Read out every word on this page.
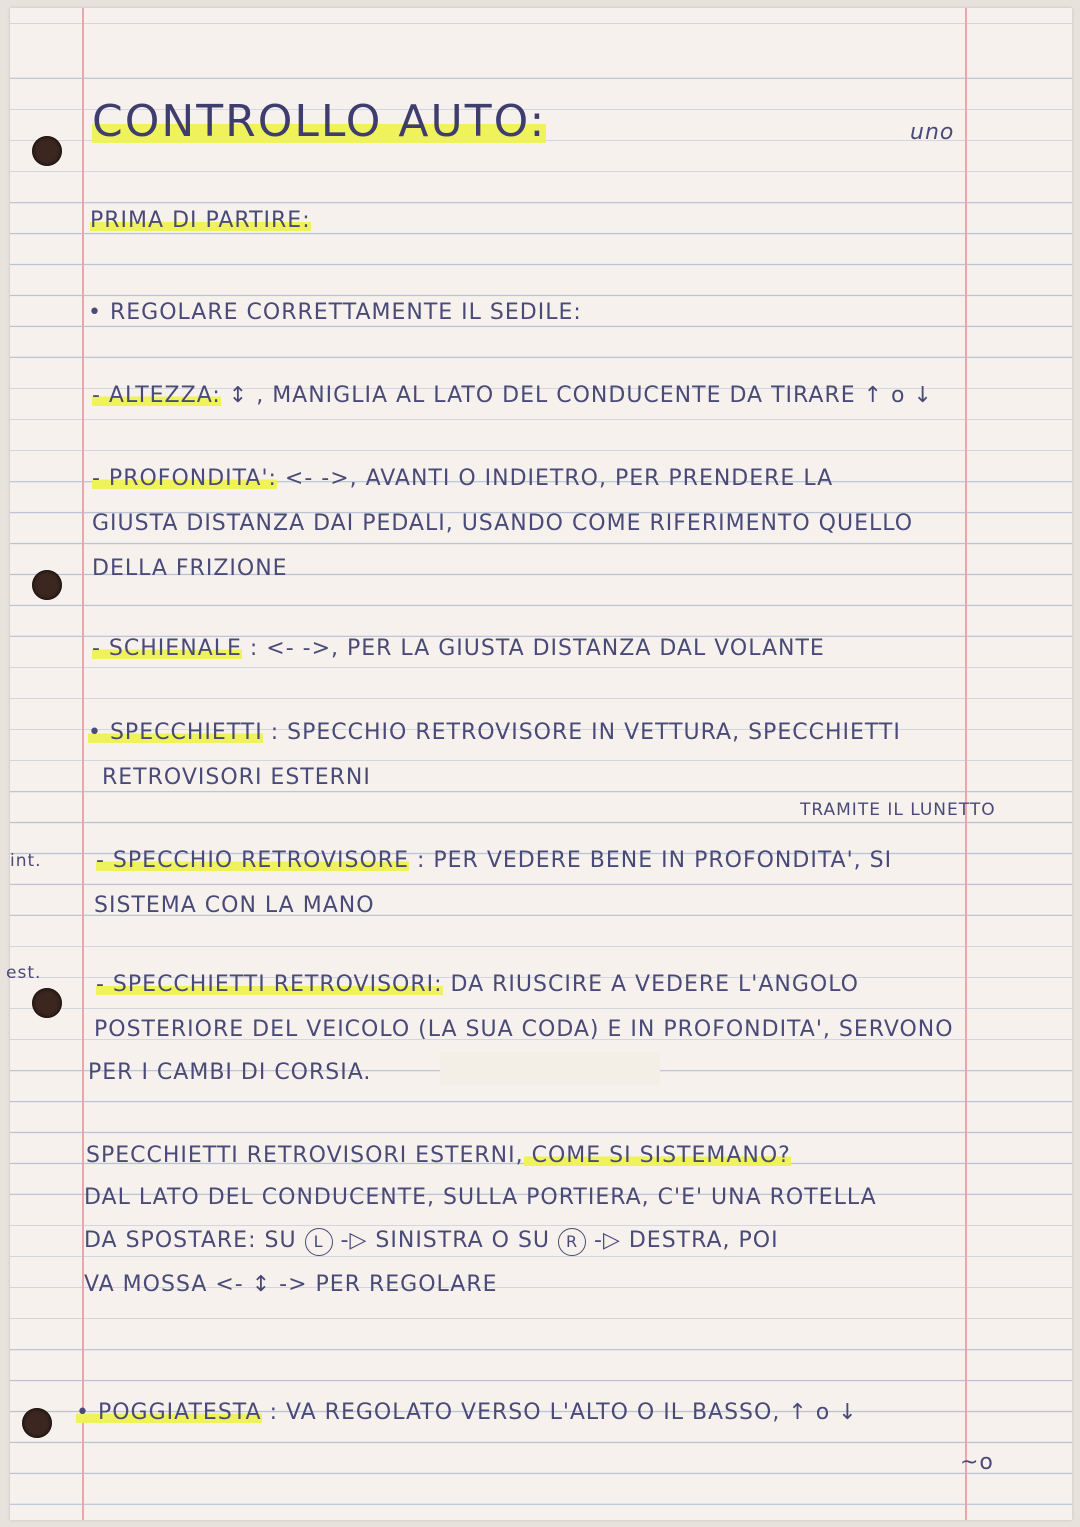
CONTROLLO AUTO:	uno
PRIMA DI PARTIRE:
• REGOLARE CORRETTAMENTE IL SEDILE:
- ALTEZZA: ↕ , MANIGLIA AL LATO DEL CONDUCENTE DA TIRARE ↑ o ↓
- PROFONDITA': <- ->, AVANTI O INDIETRO, PER PRENDERE LA
GIUSTA DISTANZA DAI PEDALI, USANDO COME RIFERIMENTO QUELLO
DELLA FRIZIONE
- SCHIENALE : <- ->, PER LA GIUSTA DISTANZA DAL VOLANTE
• SPECCHIETTI : SPECCHIO RETROVISORE IN VETTURA, SPECCHIETTI
RETROVISORI ESTERNI
TRAMITE IL LUNETTO
int. - SPECCHIO RETROVISORE : PER VEDERE BENE IN PROFONDITA', SI
SISTEMA CON LA MANO
est. - SPECCHIETTI RETROVISORI: DA RIUSCIRE A VEDERE L'ANGOLO
POSTERIORE DEL VEICOLO (LA SUA CODA) E IN PROFONDITA', SERVONO
PER I CAMBI DI CORSIA.
SPECCHIETTI RETROVISORI ESTERNI, COME SI SISTEMANO?
DAL LATO DEL CONDUCENTE, SULLA PORTIERA, C'E' UNA ROTELLA
DA SPOSTARE: SU L -▷ SINISTRA O SU R -▷ DESTRA, POI
VA MOSSA <- ↕ -> PER REGOLARE
• POGGIATESTA : VA REGOLATO VERSO L'ALTO O IL BASSO, ↑ o ↓
~o
